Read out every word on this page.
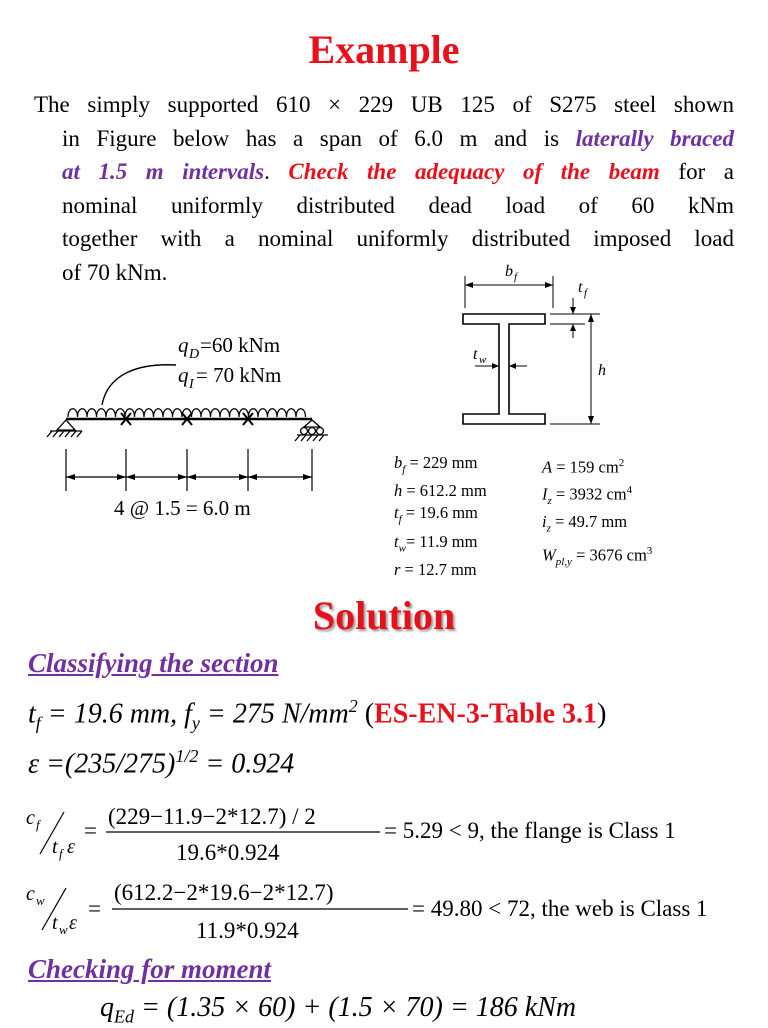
Example
The simply supported 610 × 229 UB 125 of S275 steel shown
in Figure below has a span of 6.0 m and is laterally braced
at 1.5 m intervals. Check the adequacy of the beam for a
nominal uniformly distributed dead load of 60 kNm
together with a nominal uniformly distributed imposed load
of 70 kNm.
q D =60 kNm
q I = 70 kNm
4 @ 1.5 = 6.0 m
b f
t w
t f
h
$b_f = 229$ mm
h = 612.2 mm
$t_f = 19.6$ mm
$t_w= 11.9$ mm
r = 12.7 mm
A = 159 $cm^2$
$I_z = 3932$ $cm^4$
$i_z = 49.7$ mm
$W_{pl,y} = 3676$ $cm^3$
Solution
Classifying the section
$t_f = 19.6$ mm, $f_y = 275$ $N/mm^2$ (ES-EN-3-Table 3.1)
$\varepsilon =(235/275)^{1/2} = 0.924$
c f
t f ε
=
(229−11.9−2*12.7) / 2
19.6*0.924
= 5.29 < 9, the flange is Class 1
c w
t w ε
=
(612.2−2*19.6−2*12.7)
11.9*0.924
= 49.80 < 72, the web is Class 1
Checking for moment
$q_{Ed} = (1.35 \times 60) + (1.5 \times 70) = 186$ kNm
